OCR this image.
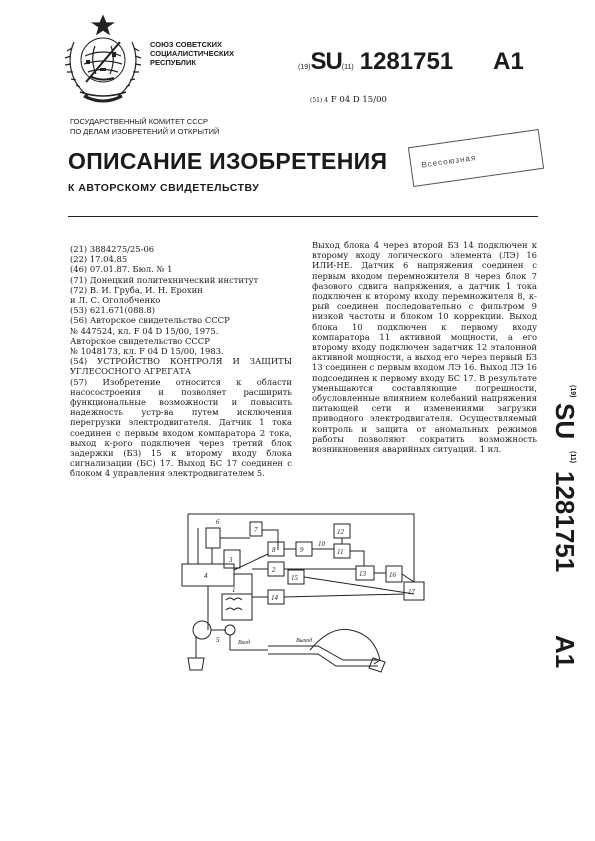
СОЮЗ СОВЕТСКИХ
СОЦИАЛИСТИЧЕСКИХ
РЕСПУБЛИК
(19)SU(11) 1281751 A1
(51) 4 F 04 D 15/00
ГОСУДАРСТВЕННЫЙ КОМИТЕТ СССР
ПО ДЕЛАМ ИЗОБРЕТЕНИЙ И ОТКРЫТИЙ
Всесоюзная
ОПИСАНИЕ ИЗОБРЕТЕНИЯ
К АВТОРСКОМУ СВИДЕТЕЛЬСТВУ
(21) 3884275/25-06
(22) 17.04.85
(46) 07.01.87. Бюл. № 1
(71) Донецкий политехнический институт
(72) В. И. Груба, И. Н. Ерохин
и Л. С. Оголобченко
(53) 621.671(088.8)
(56) Авторское свидетельство СССР
№ 447524, кл. F 04 D 15/00, 1975.
Авторское свидетельство СССР
№ 1048173, кл. F 04 D 15/00, 1983.
(54) УСТРОЙСТВО КОНТРОЛЯ И ЗАЩИТЫ УГЛЕСОСНОГО АГРЕГАТА
(57) Изобретение относится к области насосостроения и позволяет расширить функциональные возможности и повысить надежность устр-ва путем исключения перегрузки электродвигателя. Датчик 1 тока соединен с первым входом компаратора 2 тока, выход к-рого подключен через третий блок задержки (БЗ) 15 к второму входу блока сигнализации (БС) 17. Выход БС 17 соединен с блоком 4 управления электродвигателем 5.
Выход блока 4 через второй БЗ 14 подключен к второму входу логического элемента (ЛЭ) 16 ИЛИ-НЕ. Датчик 6 напряжения соединен с первым входом перемножителя 8 через блок 7 фазового сдвига напряжения, а датчик 1 тока подключен к второму входу перемножителя 8, к-рый соединен последовательно с фильтром 9 низкой частоты и блоком 10 коррекции. Выход блока 10 подключен к первому входу компаратора 11 активной мощности, а его второму входу подключен задатчик 12 эталонной активной мощности, а выход его через первый БЗ 13 соединен с первым входом ЛЭ 16. Выход ЛЭ 16 подсоединен к первому входу БС 17. В результате уменьшаются составляющие погрешности, обусловленные влиянием колебаний напряжения питающей сети и изменениями загрузки приводного электродвигателя. Осуществляемый контроль и защита от аномальных режимов работы позволяют сократить возможность возникновения аварийных ситуаций. 1 ил.
(19)
SU
(11)
1281751
A1
6
7
3
4
1
8	9
10
12
11
13	16
17
2
14
15
5	Вход	Выход
